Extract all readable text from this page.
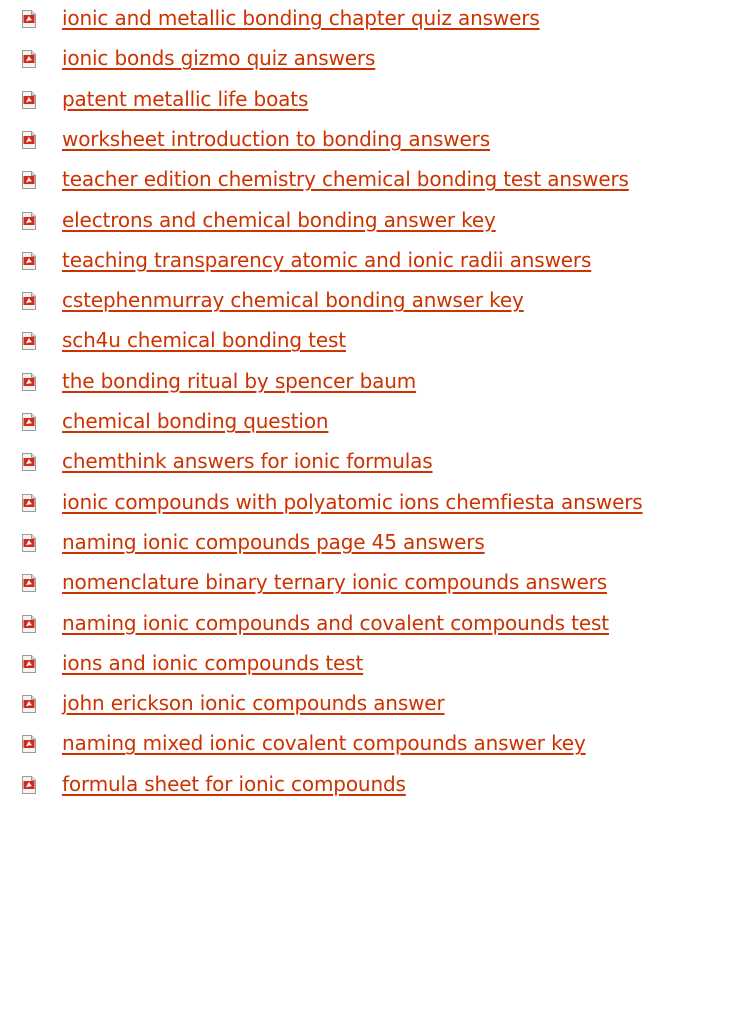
ionic and metallic bonding chapter quiz answers
ionic bonds gizmo quiz answers
patent metallic life boats
worksheet introduction to bonding answers
teacher edition chemistry chemical bonding test answers
electrons and chemical bonding answer key
teaching transparency atomic and ionic radii answers
cstephenmurray chemical bonding anwser key
sch4u chemical bonding test
the bonding ritual by spencer baum
chemical bonding question
chemthink answers for ionic formulas
ionic compounds with polyatomic ions chemfiesta answers
naming ionic compounds page 45 answers
nomenclature binary ternary ionic compounds answers
naming ionic compounds and covalent compounds test
ions and ionic compounds test
john erickson ionic compounds answer
naming mixed ionic covalent compounds answer key
formula sheet for ionic compounds
